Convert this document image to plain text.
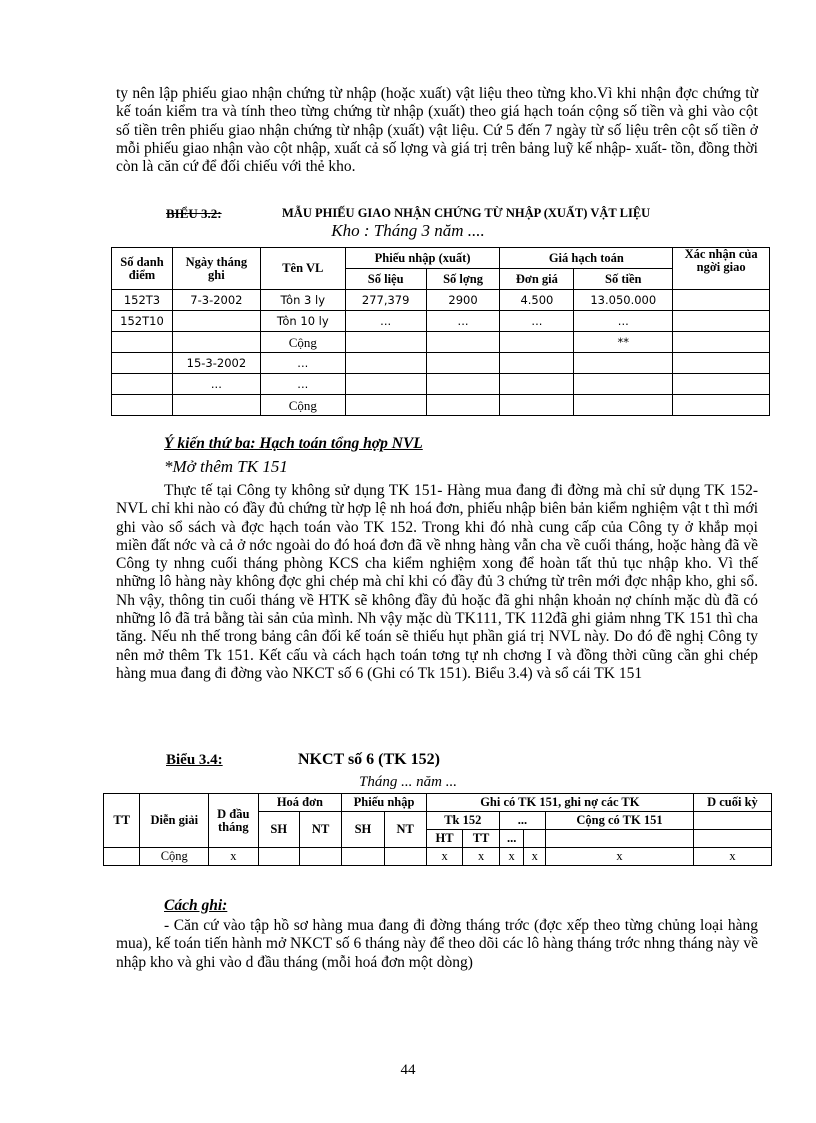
ty nên lập phiếu giao nhận chứng từ nhập (hoặc xuất) vật liệu theo từng kho.Vì khi nhận đợc chứng từ kế toán kiểm tra và tính theo từng chứng từ nhập (xuất) theo giá hạch toán cộng số tiền và ghi vào cột số tiền trên phiếu giao nhận chứng từ nhập (xuất) vật liệu. Cứ 5 đến 7 ngày từ số liệu trên cột số tiền ở mỗi phiếu giao nhận vào cột nhập, xuất cả số lợng và giá trị trên bảng luỹ kế nhập- xuất- tồn, đồng thời còn là căn cứ để đối chiếu với thẻ kho.

BIỂU 3.2:	MẪU PHIẾU GIAO NHẬN CHỨNG TỪ NHẬP (XUẤT) VẬT LIỆU
Kho : Tháng 3 năm ....
Số danh điểm	Ngày tháng ghi	Tên VL	Phiếu nhập (xuất)		Giá hạch toán		Xác nhận của ngời giao
			Số liệu	Số lợng	Đơn giá	Số tiền	
152T3	7-3-2002	Tôn 3 ly	277,379	2900	4.500	13.050.000	
152T10		Tôn 10 ly	...	...	...	...	
		Cộng				**	
	15-3-2002	...					
	...	...					
		Cộng					
Ý kiến thứ ba: Hạch toán tổng hợp NVL
*Mở thêm TK 151

Thực tế tại Công ty không sử dụng TK 151- Hàng mua đang đi đờng mà chỉ sử dụng TK 152- NVL chỉ khi nào có đầy đủ chứng từ hợp lệ nh hoá đơn, phiếu nhập biên bản kiểm nghiệm vật t thì mới ghi vào sổ sách và đợc hạch toán vào TK 152. Trong khi đó nhà cung cấp của Công ty ở khắp mọi miền đất nớc và cả ở nớc ngoài do đó hoá đơn đã về nhng hàng vẫn cha về cuối tháng, hoặc hàng đã về Công ty nhng cuối tháng phòng KCS cha kiểm nghiệm xong để hoàn tất thủ tục nhập kho. Vì thế những lô hàng này không đợc ghi chép mà chỉ khi có đầy đủ 3 chứng từ trên mới đợc nhập kho, ghi sổ. Nh vậy, thông tin cuối tháng về HTK sẽ không đầy đủ hoặc đã ghi nhận khoản nợ chính mặc dù đã có những lô đã trả bằng tài sản của mình. Nh vậy mặc dù TK111, TK 112đã ghi giảm nhng TK 151 thì cha tăng. Nếu nh thế trong bảng cân đối kế toán sẽ thiếu hụt phần giá trị NVL này. Do đó đề nghị Công ty nên mở thêm Tk 151. Kết cấu và cách hạch toán tơng tự nh chơng I và đồng thời cũng cần ghi chép hàng mua đang đi đờng vào NKCT số 6 (Ghi có Tk 151). Biểu 3.4) và sổ cái TK 151

Biểu 3.4:	NKCT số 6 (TK 152)
Tháng ... năm ...
TT	Diễn giải	D đầu tháng	Hoá đơn		Phiếu nhập		Ghi có TK 151, ghi nợ các TK					D cuối kỳ
			SH	NT	SH	NT	Tk 152		...		Cộng có TK 151	
							HT	TT	...			
	Cộng	x					x	x	x	x	x	x
Cách ghi:

- Căn cứ vào tập hồ sơ hàng mua đang đi đờng tháng trớc (đợc xếp theo từng chủng loại hàng mua), kế toán tiến hành mở NKCT số 6 tháng này để theo dõi các lô hàng tháng trớc nhng tháng này về nhập kho và ghi vào d đầu tháng (mỗi hoá đơn một dòng)

44
